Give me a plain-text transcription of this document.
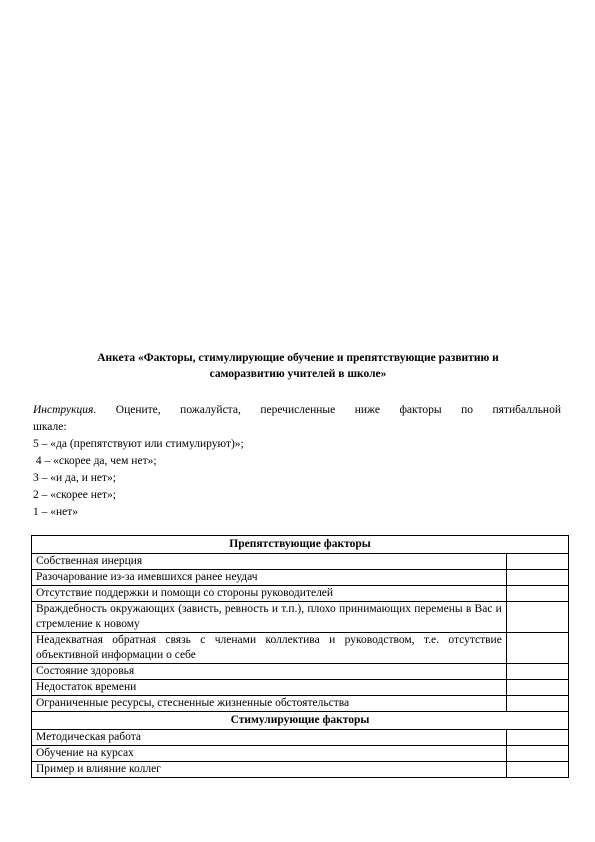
Анкета «Факторы, стимулирующие обучение и препятствующие развитию и
саморазвитию учителей в школе»
Инструкция. Оцените, пожалуйста, перечисленные ниже факторы по пятибалльной
шкале:
5 – «да (препятствуют или стимулируют)»;
4 – «скорее да, чем нет»;
3 – «и да, и нет»;
2 – «скорее нет»;
1 – «нет»
Препятствующие факторы	
Собственная инерция	
Разочарование из-за имевшихся ранее неудач	
Отсутствие поддержки и помощи со стороны руководителей	
Враждебность окружающих (зависть, ревность и т.п.), плохо принимающих перемены в Вас и стремление к новому	
Неадекватная обратная связь с членами коллектива и руководством, т.е. отсутствие объективной информации о себе	
Состояние здоровья	
Недостаток времени	
Ограниченные ресурсы, стесненные жизненные обстоятельства	
Стимулирующие факторы	
Методическая работа	
Обучение на курсах	
Пример и влияние коллег	
